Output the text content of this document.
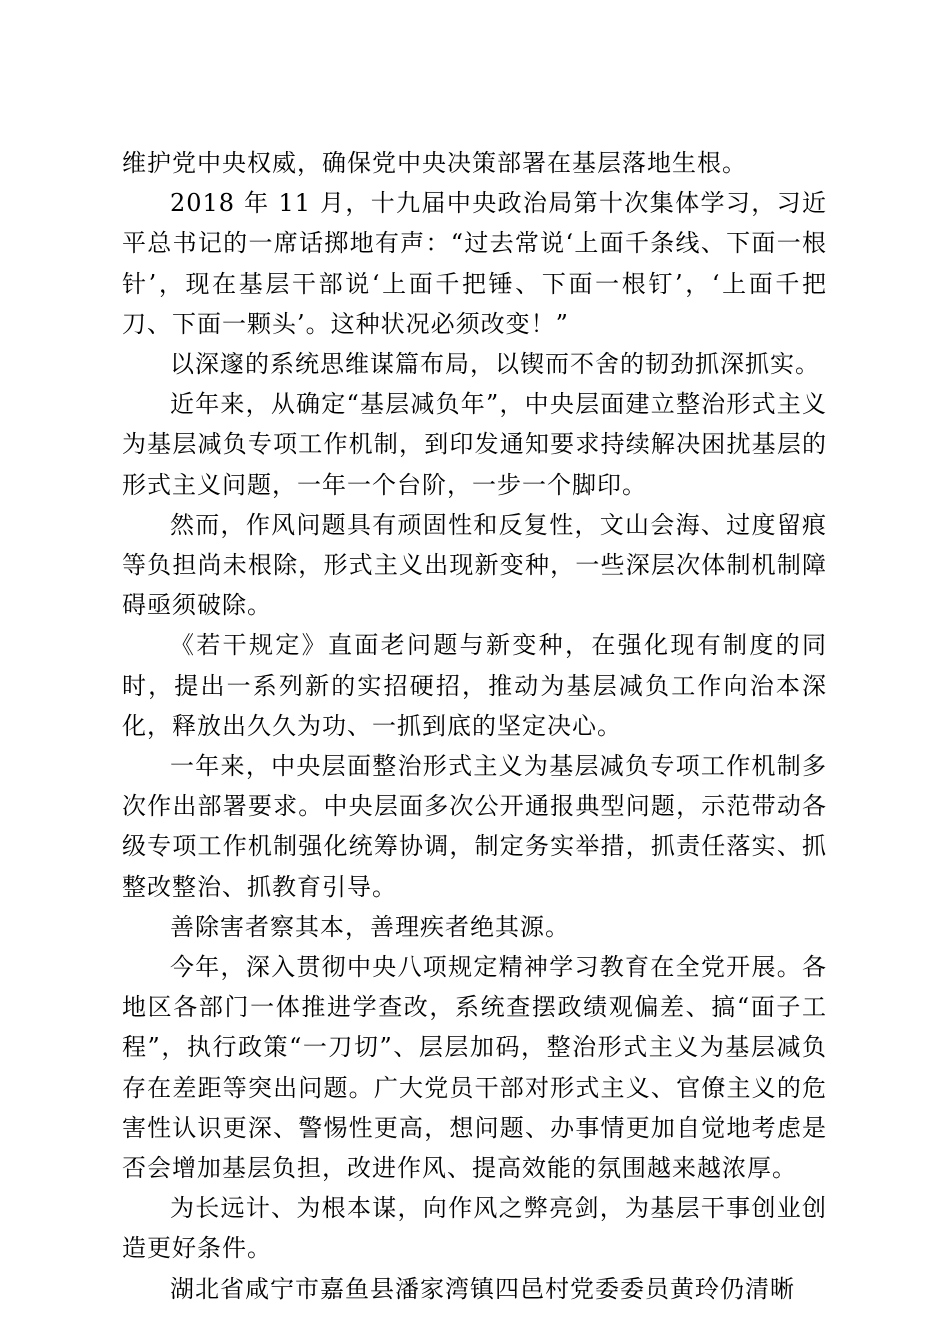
维护党中央权威，确保党中央决策部署在基层落地生根。

2018 年 11 月，十九届中央政治局第十次集体学习，习近平总书记的一席话掷地有声：“过去常说‘上面千条线、下面一根针’，现在基层干部说‘上面千把锤、下面一根钉’，‘上面千把刀、下面一颗头’。这种状况必须改变！”

以深邃的系统思维谋篇布局，以锲而不舍的韧劲抓深抓实。

近年来，从确定“基层减负年”，中央层面建立整治形式主义为基层减负专项工作机制，到印发通知要求持续解决困扰基层的形式主义问题，一年一个台阶，一步一个脚印。

然而，作风问题具有顽固性和反复性，文山会海、过度留痕等负担尚未根除，形式主义出现新变种，一些深层次体制机制障碍亟须破除。

《若干规定》直面老问题与新变种，在强化现有制度的同时，提出一系列新的实招硬招，推动为基层减负工作向治本深化，释放出久久为功、一抓到底的坚定决心。

一年来，中央层面整治形式主义为基层减负专项工作机制多次作出部署要求。中央层面多次公开通报典型问题，示范带动各级专项工作机制强化统筹协调，制定务实举措，抓责任落实、抓整改整治、抓教育引导。

善除害者察其本，善理疾者绝其源。

今年，深入贯彻中央八项规定精神学习教育在全党开展。各地区各部门一体推进学查改，系统查摆政绩观偏差、搞“面子工程”，执行政策“一刀切”、层层加码，整治形式主义为基层减负存在差距等突出问题。广大党员干部对形式主义、官僚主义的危害性认识更深、警惕性更高，想问题、办事情更加自觉地考虑是否会增加基层负担，改进作风、提高效能的氛围越来越浓厚。

为长远计、为根本谋，向作风之弊亮剑，为基层干事创业创造更好条件。

湖北省咸宁市嘉鱼县潘家湾镇四邑村党委委员黄玲仍清晰
